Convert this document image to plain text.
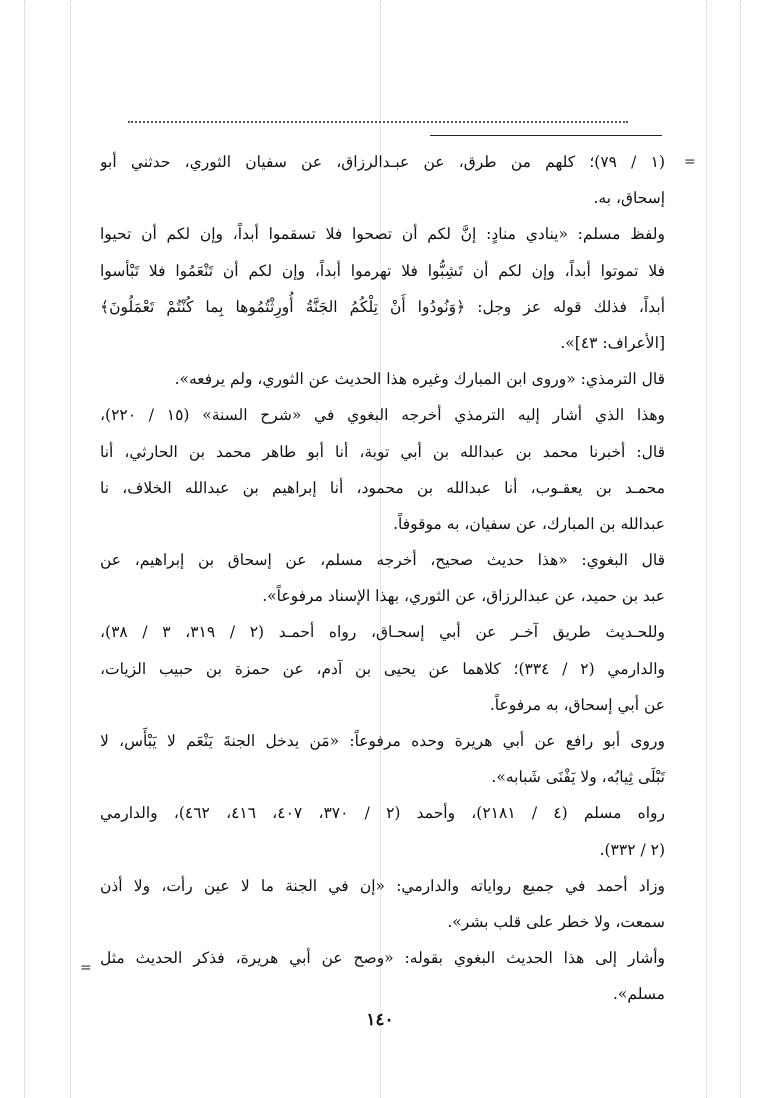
=
=
(١ / ٧٩)؛ كلهم من طرق، عن عبـدالرزاق، عن سفيان الثوري، حدثني أبو
إسحاق، به.
ولفظ مسلم: «ينادي منادٍ: إنَّ لكم أن تصحوا فلا تسقموا أبداً، وإن لكم أن تحيوا
فلا تموتوا أبداً، وإن لكم أن تَشِبُّوا فلا تهرموا أبداً، وإن لكم أن تَنْعَمُوا فلا تَبْأسوا
أبداً، فذلك قوله عز وجل: ﴿وَنُودُوا أَنْ تِلْكُمُ الجَنَّةُ أُورِثْتُمُوها بِما كُنْتُمْ تَعْمَلُونَ﴾
[الأعراف: ٤٣]».
قال الترمذي: «وروى ابن المبارك وغيره هذا الحديث عن الثوري، ولم يرفعه».
وهذا الذي أشار إليه الترمذي أخرجه البغوي في «شرح السنة» (١٥ / ٢٢٠)،
قال: أخبرنا محمد بن عبدالله بن أبي توبة، أنا أبو طاهر محمد بن الحارثي، أنا
محمـد بن يعقـوب، أنا عبدالله بن محمود، أنا إبراهيم بن عبدالله الخلاف، نا
عبدالله بن المبارك، عن سفيان، به موقوفاً.
قال البغوي: «هذا حديث صحيح، أخرجه مسلم، عن إسحاق بن إبراهيم، عن
عبد بن حميد، عن عبدالرزاق، عن الثوري، بهذا الإسناد مرفوعاً».
وللحـديث طريق آخـر عن أبي إسحـاق، رواه أحمـد (٢ / ٣١٩، ٣ / ٣٨)،
والدارمي (٢ / ٣٣٤)؛ كلاهما عن يحيى بن آدم، عن حمزة بن حبيب الزيات،
عن أبي إسحاق، به مرفوعاً.
وروى أبو رافع عن أبي هريرة وحده مرفوعاً: «مَن يدخل الجنةَ يَنْعَم لا يَبْأَس، لا
تَبْلَى ثِيابُه، ولا يَفْنَى شَبابه».
رواه مسلم (٤ / ٢١٨١)، وأحمد (٢ / ٣٧٠، ٤٠٧، ٤١٦، ٤٦٢)، والدارمي
(٢ / ٣٣٢).
وزاد أحمد في جميع رواياته والدارمي: «إن في الجنة ما لا عين رأت، ولا أذن
سمعت، ولا خطر على قلب بشر».
وأشار إلى هذا الحديث البغوي بقوله: «وصح عن أبي هريرة، فذكر الحديث مثل
مسلم».
١٤٠
